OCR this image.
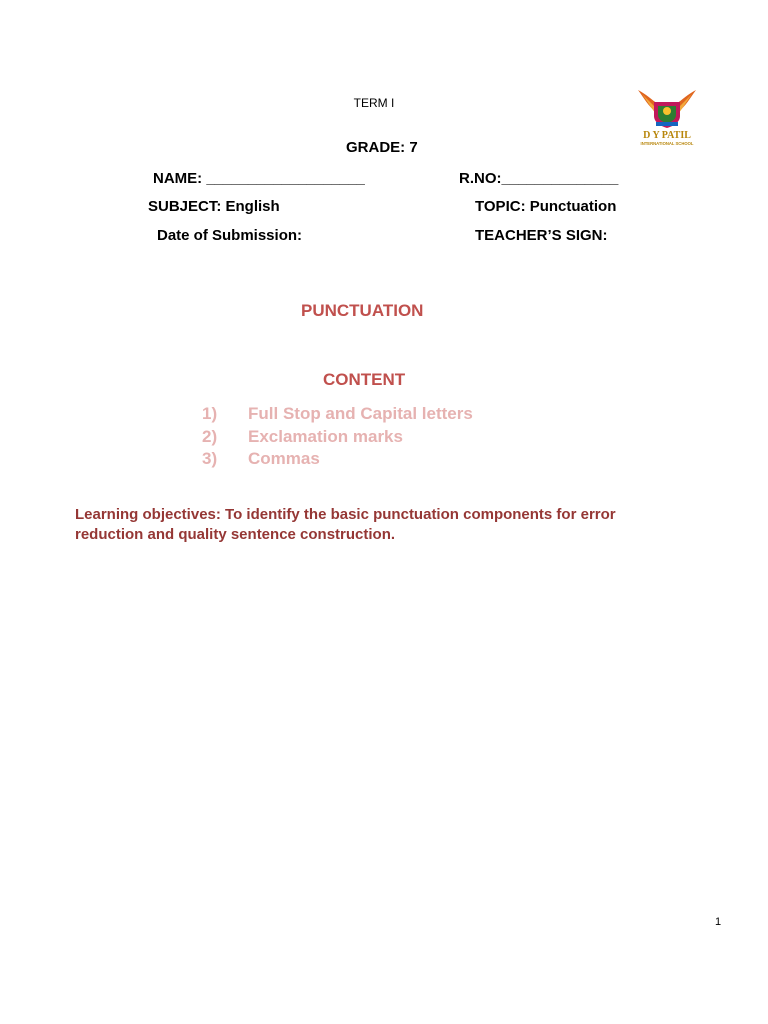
D Y PATIL
INTERNATIONAL SCHOOL
TERM I
GRADE: 7
NAME: ___________________	R.NO:______________
SUBJECT: English	TOPIC: Punctuation
Date of Submission:	TEACHER’S SIGN:
PUNCTUATION
CONTENT
1) Full Stop and Capital letters
2) Exclamation marks
3) Commas
Learning objectives: To identify the basic punctuation components for error reduction and quality sentence construction.
1
